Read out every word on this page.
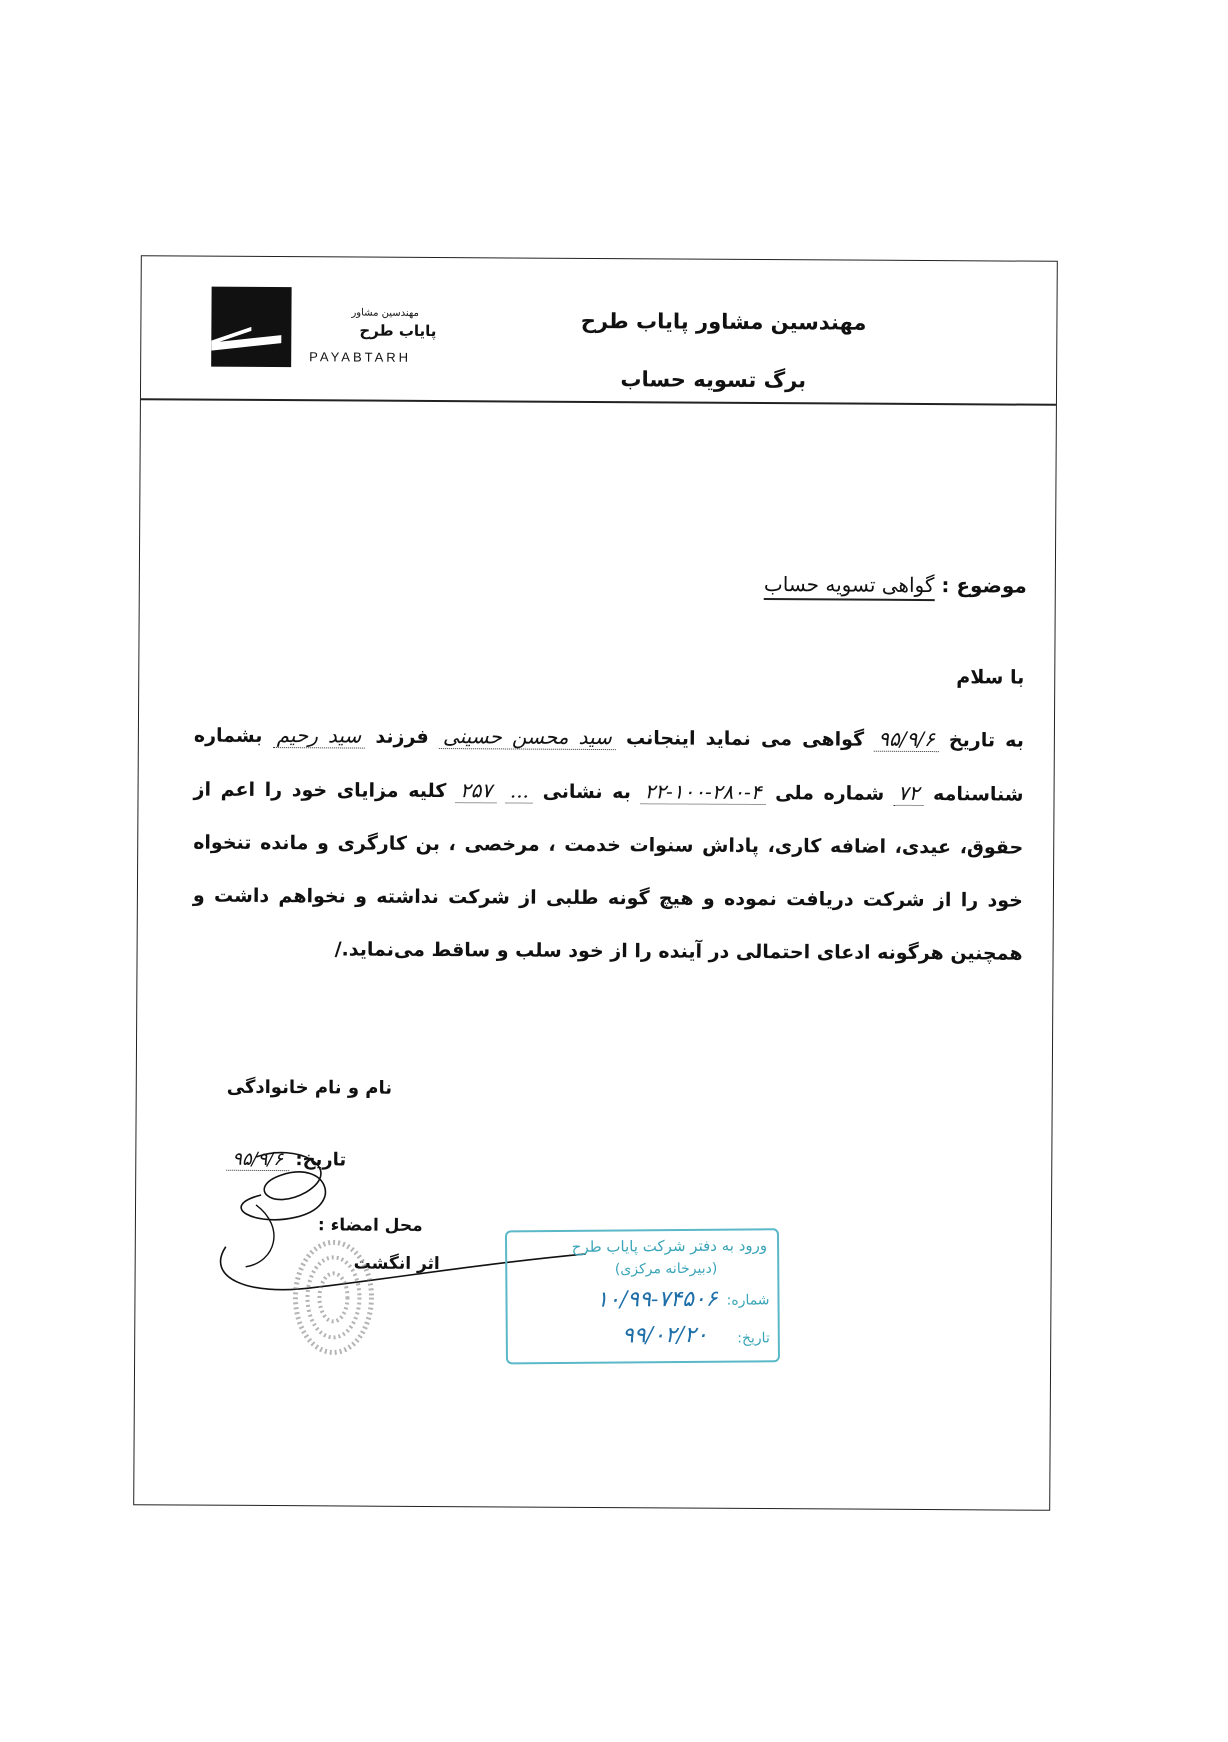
مهندسین مشاور پایاب طرح
برگ تسویه حساب
مهندسین مشاور
پایاب طرح
PAYABTARH
موضوع : گواهی تسویه حساب
با سلام
به تاریخ ۹۵/۹/۶ گواهی می نماید اینجانب سید محسن حسینی فرزند سید رحیم بشماره شناسنامه ۷۲ شماره ملی ۴-۲۸۰-۱۰۰-۲۲ به نشانی ... ۲۵۷ کلیه مزایای خود را اعم از حقوق، عیدی، اضافه کاری، پاداش سنوات خدمت ، مرخصی ، بن کارگری و مانده تنخواه خود را از شرکت دریافت نموده و هیچ گونه طلبی از شرکت نداشته و نخواهم داشت و همچنین هرگونه ادعای احتمالی در آینده را از خود سلب و ساقط می‌نماید./
نام و نام خانوادگی
تاریخ: ۹۵/۹/۶
محل امضاء :
اثر انگشت
ورود به دفتر شرکت پایاب طرح
(دبیرخانه مرکزی)
شماره:
۱۰/۹۹-۷۴۵۰۶
تاریخ:
۹۹/۰۲/۲۰
